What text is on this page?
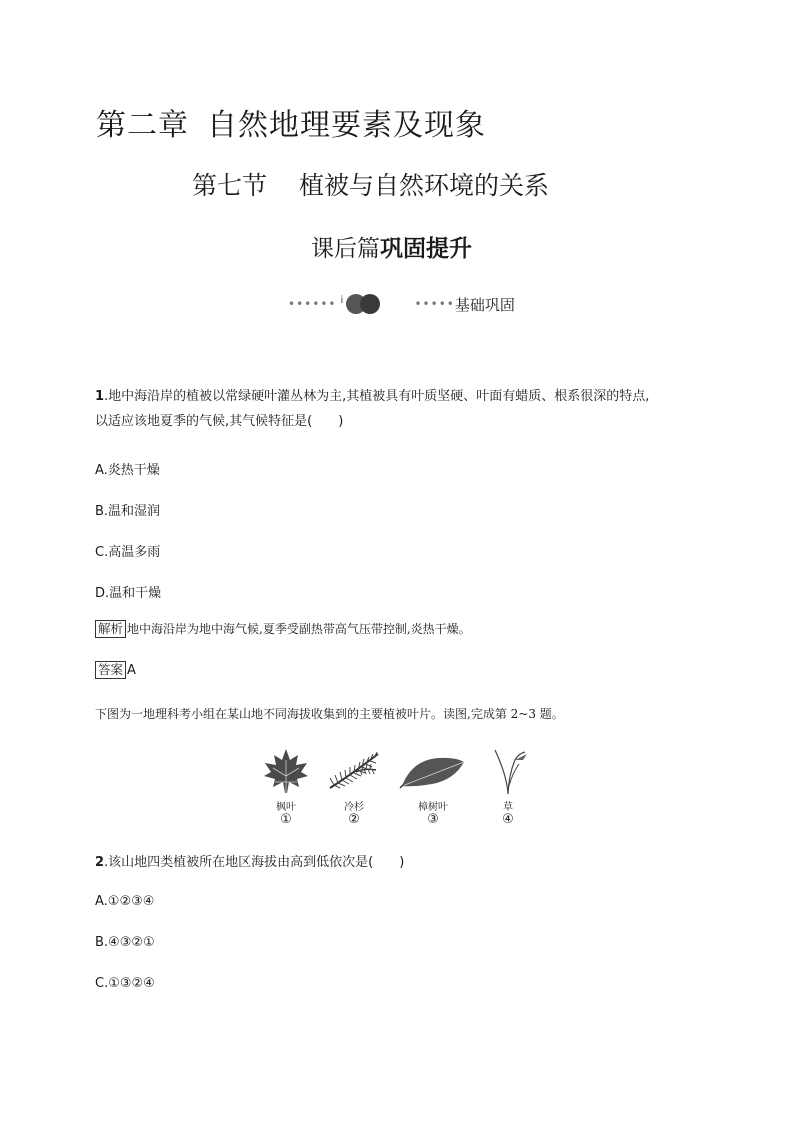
第二章 自然地理要素及现象
第七节 植被与自然环境的关系
课后篇巩固提升
•••••• i	••••• 基础巩固
1.地中海沿岸的植被以常绿硬叶灌丛林为主,其植被具有叶质坚硬、叶面有蜡质、根系很深的特点,
以适应该地夏季的气候,其气候特征是(　　)
A.炎热干燥
B.温和湿润
C.高温多雨
D.温和干燥
解析 地中海沿岸为地中海气候,夏季受副热带高气压带控制,炎热干燥。
答案 A
下图为一地理科考小组在某山地不同海拔收集到的主要植被叶片。读图,完成第 2~3 题。
枫叶
①
冷杉
②
樟树叶
③
草
④
2.该山地四类植被所在地区海拔由高到低依次是(　　)
A.①②③④
B.④③②①
C.①③②④
